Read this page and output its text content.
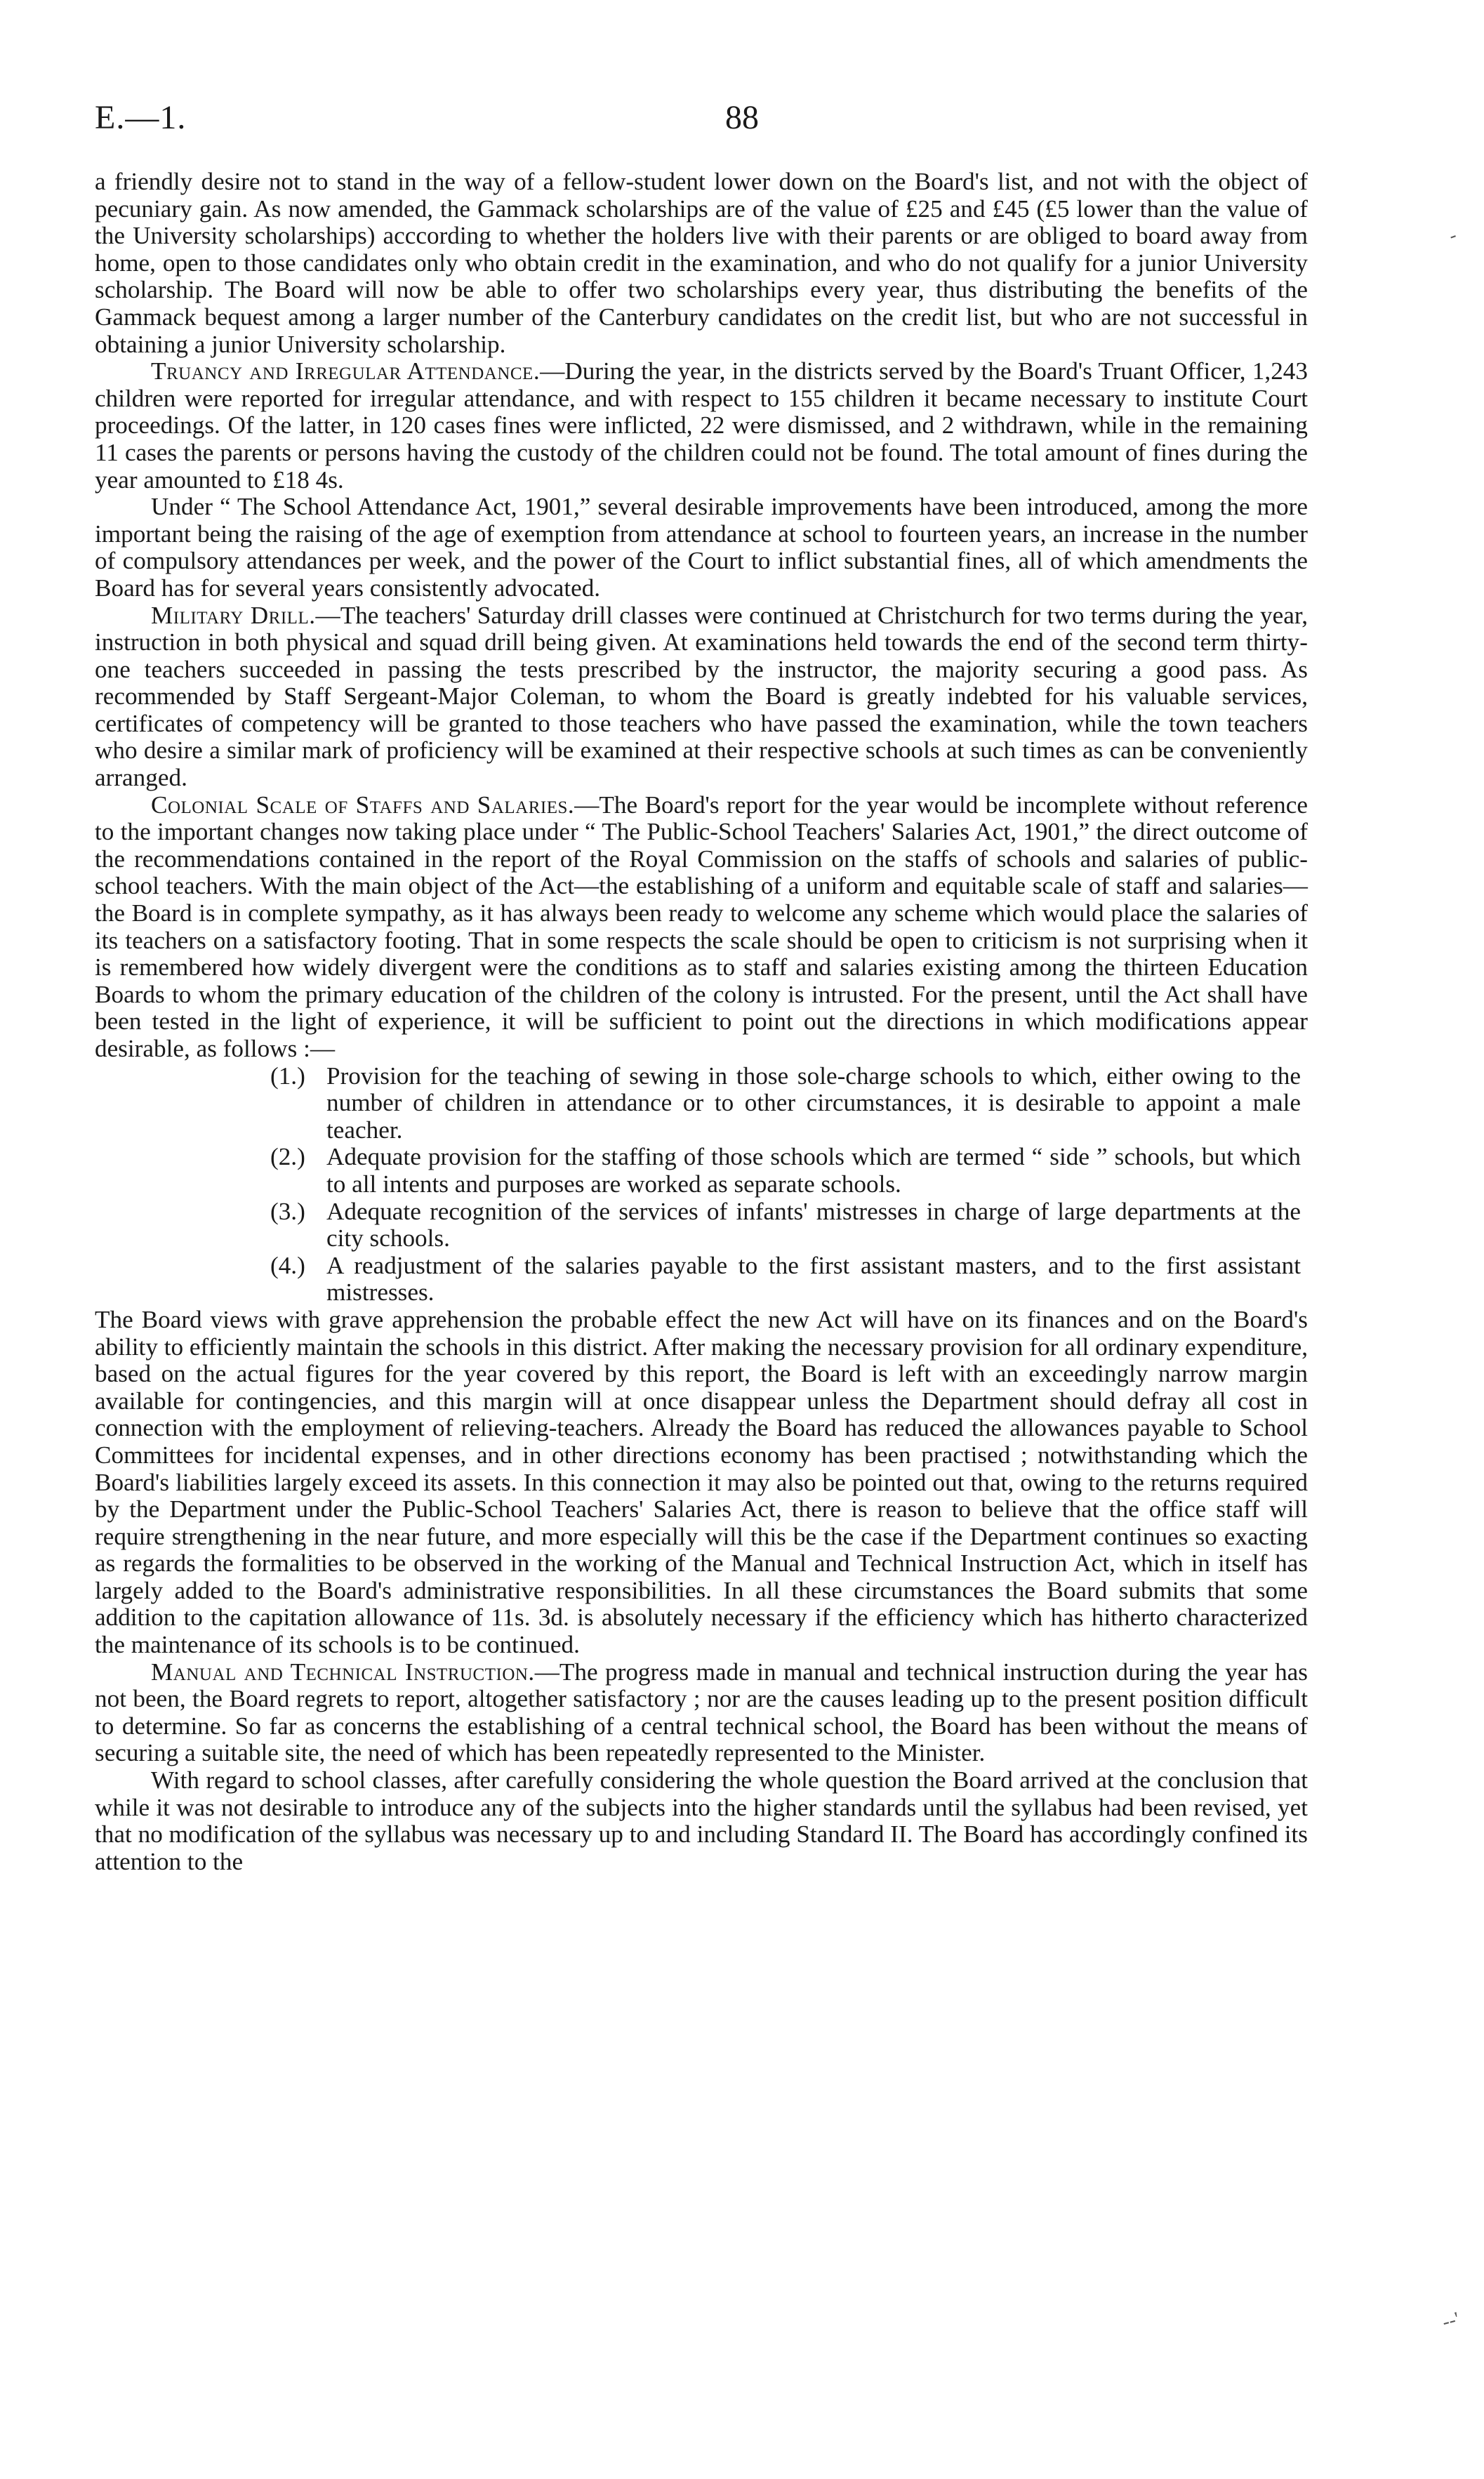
E.—1.	88
-
--'

a friendly desire not to stand in the way of a fellow-student lower down on the Board's list, and not with the object of pecuniary gain. As now amended, the Gammack scholarships are of the value of £25 and £45 (£5 lower than the value of the University scholarships) acccording to whether the holders live with their parents or are obliged to board away from home, open to those candidates only who obtain credit in the examination, and who do not qualify for a junior University scholarship. The Board will now be able to offer two scholarships every year, thus distributing the benefits of the Gammack bequest among a larger number of the Canterbury candidates on the credit list, but who are not successful in obtaining a junior University scholarship.

Truancy and Irregular Attendance.—During the year, in the districts served by the Board's Truant Officer, 1,243 children were reported for irregular attendance, and with respect to 155 children it became necessary to institute Court proceedings. Of the latter, in 120 cases fines were inflicted, 22 were dismissed, and 2 withdrawn, while in the remaining 11 cases the parents or persons having the custody of the children could not be found. The total amount of fines during the year amounted to £18 4s.

Under “ The School Attendance Act, 1901,” several desirable improvements have been introduced, among the more important being the raising of the age of exemption from attendance at school to fourteen years, an increase in the number of compulsory attendances per week, and the power of the Court to inflict substantial fines, all of which amendments the Board has for several years consistently advocated.

Military Drill.—The teachers' Saturday drill classes were continued at Christchurch for two terms during the year, instruction in both physical and squad drill being given. At examinations held towards the end of the second term thirty-one teachers succeeded in passing the tests prescribed by the instructor, the majority securing a good pass. As recommended by Staff Sergeant-Major Coleman, to whom the Board is greatly indebted for his valuable services, certificates of competency will be granted to those teachers who have passed the examination, while the town teachers who desire a similar mark of proficiency will be examined at their respective schools at such times as can be conveniently arranged.

Colonial Scale of Staffs and Salaries.—The Board's report for the year would be incomplete without reference to the important changes now taking place under “ The Public-School Teachers' Salaries Act, 1901,” the direct outcome of the recommendations contained in the report of the Royal Commission on the staffs of schools and salaries of public-school teachers. With the main object of the Act—the establishing of a uniform and equitable scale of staff and salaries—the Board is in complete sympathy, as it has always been ready to welcome any scheme which would place the salaries of its teachers on a satisfactory footing. That in some respects the scale should be open to criticism is not surprising when it is remembered how widely divergent were the conditions as to staff and salaries existing among the thirteen Education Boards to whom the primary education of the children of the colony is intrusted. For the present, until the Act shall have been tested in the light of experience, it will be sufficient to point out the directions in which modifications appear desirable, as follows :—

(1.) Provision for the teaching of sewing in those sole-charge schools to which, either owing to the number of children in attendance or to other circumstances, it is desirable to appoint a male teacher.
(2.) Adequate provision for the staffing of those schools which are termed “ side ” schools, but which to all intents and purposes are worked as separate schools.
(3.) Adequate recognition of the services of infants' mistresses in charge of large departments at the city schools.
(4.) A readjustment of the salaries payable to the first assistant masters, and to the first assistant mistresses.

The Board views with grave apprehension the probable effect the new Act will have on its finances and on the Board's ability to efficiently maintain the schools in this district. After making the necessary provision for all ordinary expenditure, based on the actual figures for the year covered by this report, the Board is left with an exceedingly narrow margin available for contingencies, and this margin will at once disappear unless the Department should defray all cost in connection with the employment of relieving-teachers. Already the Board has reduced the allowances payable to School Committees for incidental expenses, and in other directions economy has been practised ; notwithstanding which the Board's liabilities largely exceed its assets. In this connection it may also be pointed out that, owing to the returns required by the Department under the Public-School Teachers' Salaries Act, there is reason to believe that the office staff will require strengthening in the near future, and more especially will this be the case if the Department continues so exacting as regards the formalities to be observed in the working of the Manual and Technical Instruction Act, which in itself has largely added to the Board's administrative responsibilities. In all these circumstances the Board submits that some addition to the capitation allowance of 11s. 3d. is absolutely necessary if the efficiency which has hitherto characterized the maintenance of its schools is to be continued.

Manual and Technical Instruction.—The progress made in manual and technical instruction during the year has not been, the Board regrets to report, altogether satisfactory ; nor are the causes leading up to the present position difficult to determine. So far as concerns the establishing of a central technical school, the Board has been without the means of securing a suitable site, the need of which has been repeatedly represented to the Minister.

With regard to school classes, after carefully considering the whole question the Board arrived at the conclusion that while it was not desirable to introduce any of the subjects into the higher standards until the syllabus had been revised, yet that no modification of the syllabus was necessary up to and including Standard II. The Board has accordingly confined its attention to the
